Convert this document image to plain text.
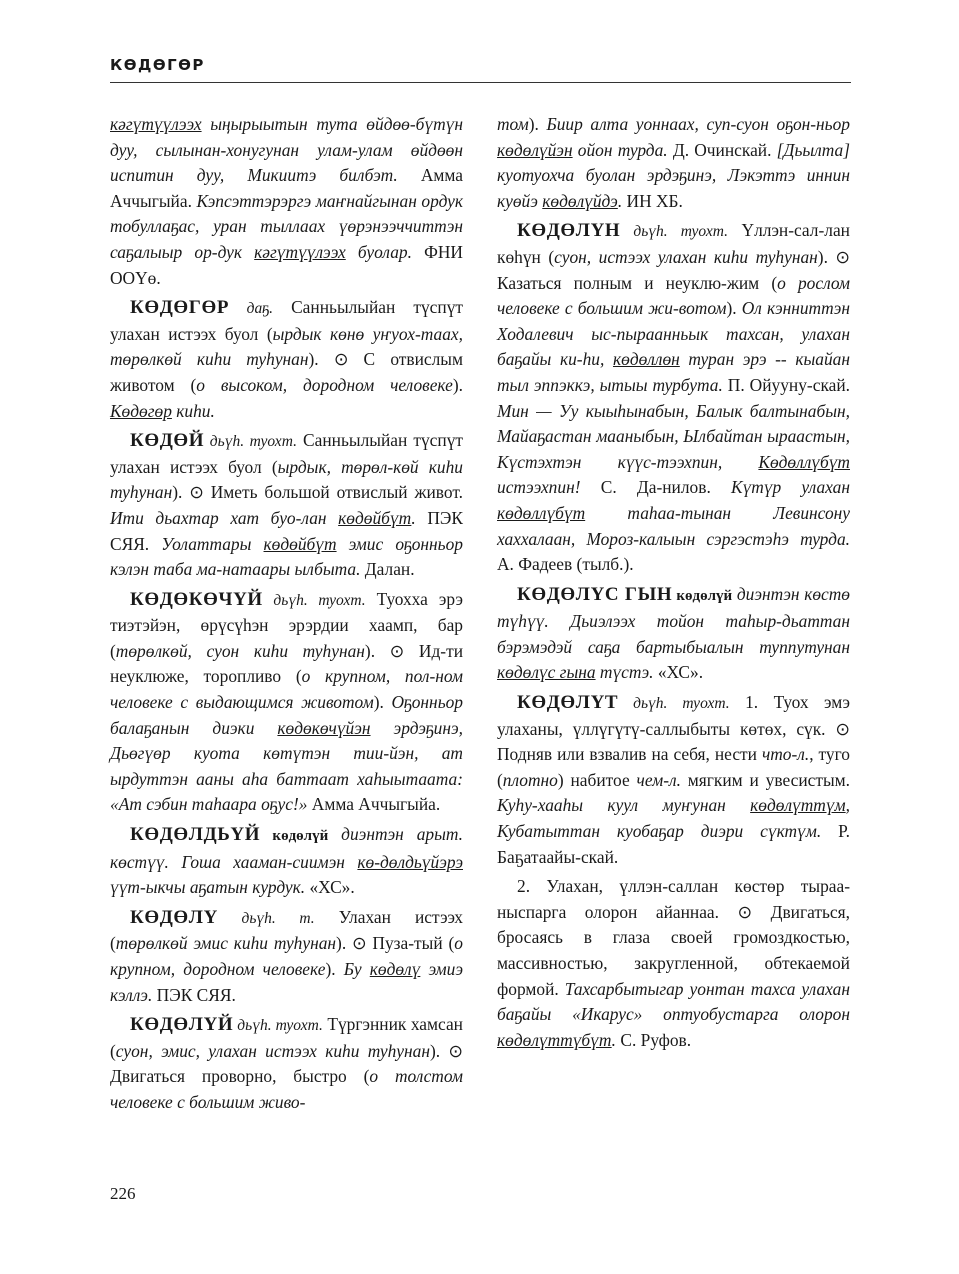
КӨДӨГӨР

кәгүтүүлээх ыңырыытын тута өйдөө-бүтүн дуу, сылынан-хонугунан улам-улам өйдөөн испитин дуу, Микиитэ билбэт. Амма Аччыгыйа. Кэпсэттэрэргэ маҥнайгынан ордук тобуллаҕас, уран тыллаах үөрэнээччиттэн саҕалыыр ор-дук кәгүтүүлээх буолар. ФНИ ООҮө.

КӨДӨГӨР даҕ. Санньылыйан түспүт улахан истээх буол (ырдык көнө уҥуох-таах, төрөлкөй киһи туһунан). ⊙ С отвислым животом (о высоком, дородном человеке). Көдөгөр киһи.

КӨДӨЙ дьүһ. туохт. Санньылыйан түспүт улахан истээх буол (ырдык, төрөл-көй киһи туһунан). ⊙ Иметь большой отвислый живот. Ити дьахтар хат буо-лан көдөйбүт. ПЭК СЯЯ. Уолаттары көдөйбүт эмис оҕонньор кэлэн таба ма-натаары ылбыта. Далан.

КӨДӨКӨЧҮЙ дьүһ. туохт. Туохха эрэ тиэтэйэн, өрүсүһэн эрэрдии хаамп, бар (төрөлкөй, суон киһи туһунан). ⊙ Ид-ти неуклюже, торопливо (о крупном, пол-ном человеке с выдающимся животом). Оҕонньор балаҕанын диэки көдөкөчүйэн эрдэҕинэ, Дьөгүөр куота көтүтэн тии-йэн, ат ырдуттэн ааны аһа баттаат хаһыытаата: «Ат сэбин таһаара оҕус!» Амма Аччыгыйа.

КӨДӨЛДЬҮЙ көдөлүй диэнтэн арыт. көстүү. Гоша хааман-сиимэн кө-дөлдьүйэрэ үүт-ыкчы аҕатын курдук. «ХС».

КӨДӨЛҮ дьүһ. т. Улахан истээх (төрөлкөй эмис киһи туһунан). ⊙ Пуза-тый (о крупном, дородном человеке). Бу көдөлү эмиэ кэллэ. ПЭК СЯЯ.

КӨДӨЛҮЙ дьүһ. туохт. Түргэнник хамсан (суон, эмис, улахан истээх киһи туһунан). ⊙ Двигаться проворно, быстро (о толстом человеке с большим живо-

том). Биир алта уоннаах, суп-суон оҕон-ньор көдөлүйэн ойон турда. Д. Очинскай. [Дьылта] куотуохча буолан эрдэҕинэ, Лэкэттэ иннин куөйэ көдөлүйдэ. ИН ХБ.

КӨДӨЛҮН дьүһ. туохт. Үллэн-сал-лан көһүн (суон, истээх улахан киһи туһунан). ⊙ Казаться полным и неуклю-жим (о рослом человеке с большим жи-вотом). Ол кэнниттэн Ходалевич ыс-пыраанньык тахсан, улахан баҕайы ки-һи, көдөллөн туран эрэ -- кыайан тыл эппэккэ, ытыы турбута. П. Ойууну-скай. Мин — Уу кыыһынабын, Балык балтынабын, Майаҕастан мааныбын, Ылбайтан ыраастын, Күстэхтэн күүс-тээхпин, Көдөллүбүт истээхпин! С. Да-нилов. Күтүр улахан көдөллүбүт таһаа-тынан Левинсону хаххалаан, Мороз-калыын сэргэстэһэ турда. А. Фадеев (тылб.).

КӨДӨЛҮС ГЫН көдөлүй диэнтэн көстө түһүү. Дьиэлээх тойон таһыр-дьаттан бэрэмэдэй саҕа бартыбыалын туппутунан көдөлүс гына түстэ. «ХС».

КӨДӨЛҮТ дьүһ. туохт. 1. Туох эмэ улаханы, үллүгүтү-саллыбыты көтөх, сүк. ⊙ Подняв или взвалив на себя, нести что-л., туго (плотно) набитое чем-л. мягким и увесистым. Куһу-хааһы куул муҥунан көдөлүттүм, Кубатыттан куобаҕар диэри сүктүм. Р. Баҕатаайы-скай.

2. Улахан, үллэн-саллан көстөр тыраа-ныспарга олорон айаннаа. ⊙ Двигаться, бросаясь в глаза своей громоздкостью, массивностью, закругленной, обтекаемой формой. Тахсарбытыгар уонтан тахса улахан баҕайы «Икарус» оптуобустарга олорон көдөлүттүбүт. С. Руфов.

226
